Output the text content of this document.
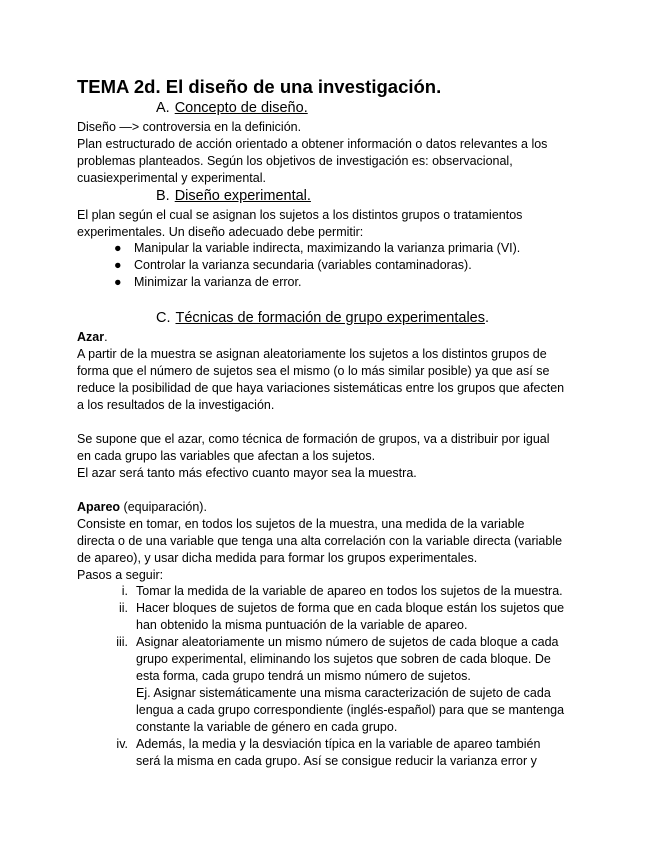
TEMA 2d. El diseño de una investigación.
A. Concepto de diseño.
Diseño —> controversia en la definición.
Plan estructurado de acción orientado a obtener información o datos relevantes a los
problemas planteados. Según los objetivos de investigación es: observacional,
cuasiexperimental y experimental.
B. Diseño experimental.
El plan según el cual se asignan los sujetos a los distintos grupos o tratamientos
experimentales. Un diseño adecuado debe permitir:
● Manipular la variable indirecta, maximizando la varianza primaria (VI).
● Controlar la varianza secundaria (variables contaminadoras).
● Minimizar la varianza de error.
C. Técnicas de formación de grupo experimentales.
Azar.
A partir de la muestra se asignan aleatoriamente los sujetos a los distintos grupos de
forma que el número de sujetos sea el mismo (o lo más similar posible) ya que así se
reduce la posibilidad de que haya variaciones sistemáticas entre los grupos que afecten
a los resultados de la investigación.
Se supone que el azar, como técnica de formación de grupos, va a distribuir por igual
en cada grupo las variables que afectan a los sujetos.
El azar será tanto más efectivo cuanto mayor sea la muestra.
Apareo (equiparación).
Consiste en tomar, en todos los sujetos de la muestra, una medida de la variable
directa o de una variable que tenga una alta correlación con la variable directa (variable
de apareo), y usar dicha medida para formar los grupos experimentales.
Pasos a seguir:
i. Tomar la medida de la variable de apareo en todos los sujetos de la muestra.
ii. Hacer bloques de sujetos de forma que en cada bloque están los sujetos que
han obtenido la misma puntuación de la variable de apareo.
iii. Asignar aleatoriamente un mismo número de sujetos de cada bloque a cada
grupo experimental, eliminando los sujetos que sobren de cada bloque. De
esta forma, cada grupo tendrá un mismo número de sujetos.
Ej. Asignar sistemáticamente una misma caracterización de sujeto de cada
lengua a cada grupo correspondiente (inglés-español) para que se mantenga
constante la variable de género en cada grupo.
iv. Además, la media y la desviación típica en la variable de apareo también
será la misma en cada grupo. Así se consigue reducir la varianza error y
